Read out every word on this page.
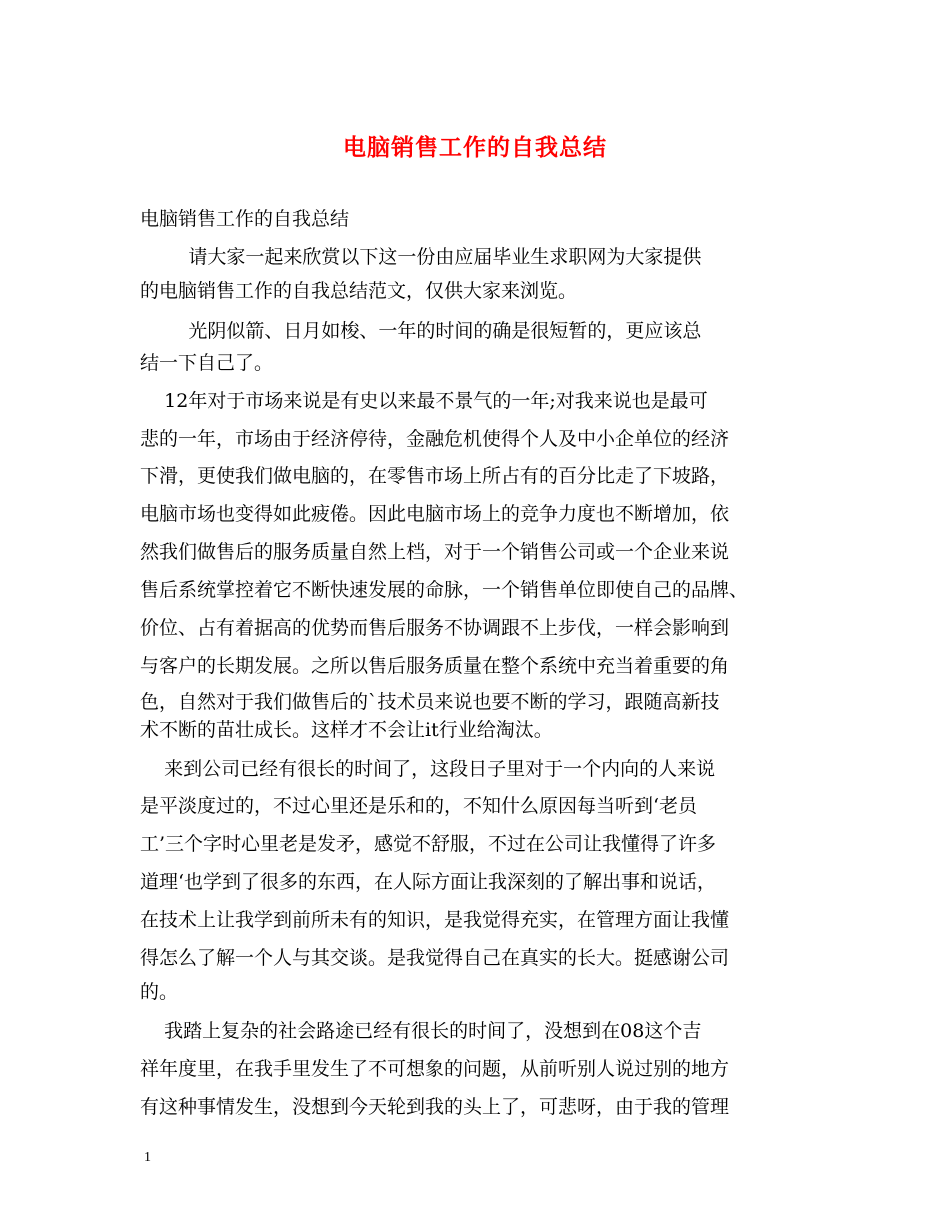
电脑销售工作的自我总结
电脑销售工作的自我总结
请大家一起来欣赏以下这一份由应届毕业生求职网为大家提供
的电脑销售工作的自我总结范文，仅供大家来浏览。
光阴似箭、日月如梭、一年的时间的确是很短暂的，更应该总
结一下自己了。
12年对于市场来说是有史以来最不景气的一年;对我来说也是最可
悲的一年，市场由于经济停待，金融危机使得个人及中小企单位的经济
下滑，更使我们做电脑的，在零售市场上所占有的百分比走了下坡路，
电脑市场也变得如此疲倦。因此电脑市场上的竞争力度也不断增加，依
然我们做售后的服务质量自然上档，对于一个销售公司或一个企业来说
售后系统掌控着它不断快速发展的命脉，一个销售单位即使自己的品牌、
价位、占有着据高的优势而售后服务不协调跟不上步伐，一样会影响到
与客户的长期发展。之所以售后服务质量在整个系统中充当着重要的角
色，自然对于我们做售后的`技术员来说也要不断的学习，跟随高新技
术不断的苗壮成长。这样才不会让it行业给淘汰。
来到公司已经有很长的时间了，这段日子里对于一个内向的人来说
是平淡度过的，不过心里还是乐和的，不知什么原因每当听到‘老员
工’三个字时心里老是发矛，感觉不舒服，不过在公司让我懂得了许多
道理‘也学到了很多的东西，在人际方面让我深刻的了解出事和说话，
在技术上让我学到前所未有的知识，是我觉得充实，在管理方面让我懂
得怎么了解一个人与其交谈。是我觉得自己在真实的长大。挺感谢公司
的。
我踏上复杂的社会路途已经有很长的时间了，没想到在08这个吉
祥年度里，在我手里发生了不可想象的问题，从前听别人说过别的地方
有这种事情发生，没想到今天轮到我的头上了，可悲呀，由于我的管理
1
